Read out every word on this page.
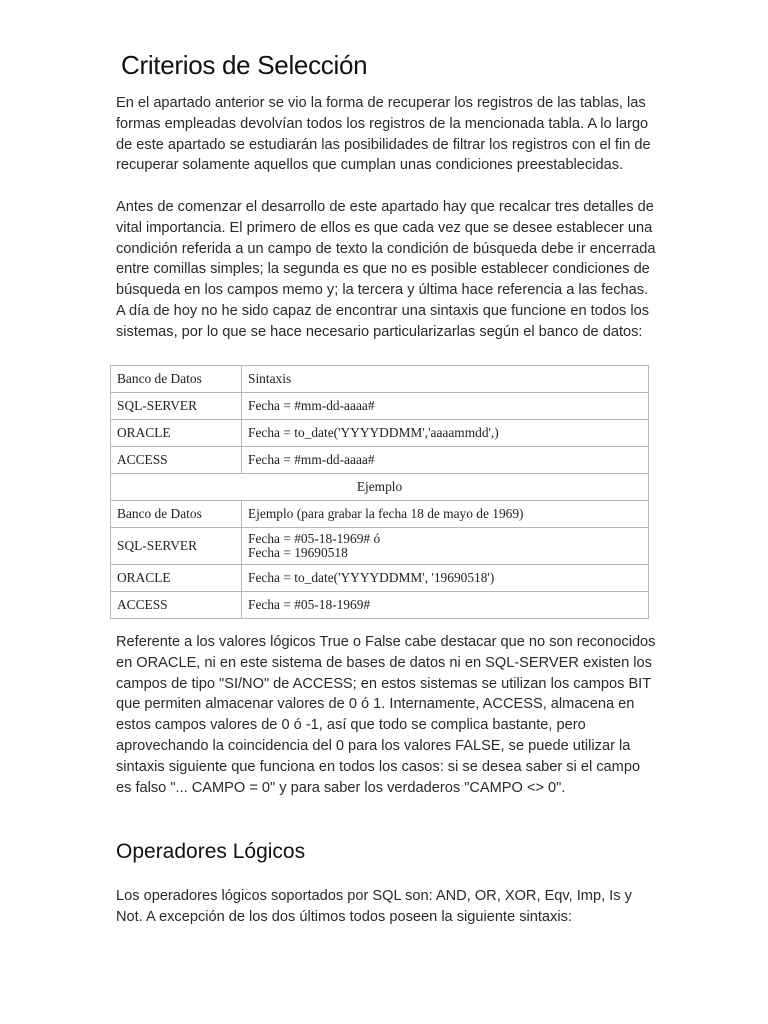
Criterios de Selección

En el apartado anterior se vio la forma de recuperar los registros de las tablas, las formas empleadas devolvían todos los registros de la mencionada tabla. A lo largo de este apartado se estudiarán las posibilidades de filtrar los registros con el fin de recuperar solamente aquellos que cumplan unas condiciones preestablecidas.

Antes de comenzar el desarrollo de este apartado hay que recalcar tres detalles de vital importancia. El primero de ellos es que cada vez que se desee establecer una condición referida a un campo de texto la condición de búsqueda debe ir encerrada entre comillas simples; la segunda es que no es posible establecer condiciones de búsqueda en los campos memo y; la tercera y última hace referencia a las fechas. A día de hoy no he sido capaz de encontrar una sintaxis que funcione en todos los sistemas, por lo que se hace necesario particularizarlas según el banco de datos:

Banco de Datos	Sintaxis
SQL-SERVER	Fecha = #mm-dd-aaaa#
ORACLE	Fecha = to_date('YYYYDDMM','aaaammdd',)
ACCESS	Fecha = #mm-dd-aaaa#
Ejemplo	
Banco de Datos	Ejemplo (para grabar la fecha 18 de mayo de 1969)
SQL-SERVER	Fecha = #05-18-1969# ó
Fecha = 19690518

ORACLE	Fecha = to_date('YYYYDDMM', '19690518')
ACCESS	Fecha = #05-18-1969#

Referente a los valores lógicos True o False cabe destacar que no son reconocidos en ORACLE, ni en este sistema de bases de datos ni en SQL-SERVER existen los campos de tipo "SI/NO" de ACCESS; en estos sistemas se utilizan los campos BIT que permiten almacenar valores de 0 ó 1. Internamente, ACCESS, almacena en estos campos valores de 0 ó -1, así que todo se complica bastante, pero aprovechando la coincidencia del 0 para los valores FALSE, se puede utilizar la sintaxis siguiente que funciona en todos los casos: si se desea saber si el campo es falso "... CAMPO = 0" y para saber los verdaderos "CAMPO <> 0".

Operadores Lógicos

Los operadores lógicos soportados por SQL son: AND, OR, XOR, Eqv, Imp, Is y Not. A excepción de los dos últimos todos poseen la siguiente sintaxis:
